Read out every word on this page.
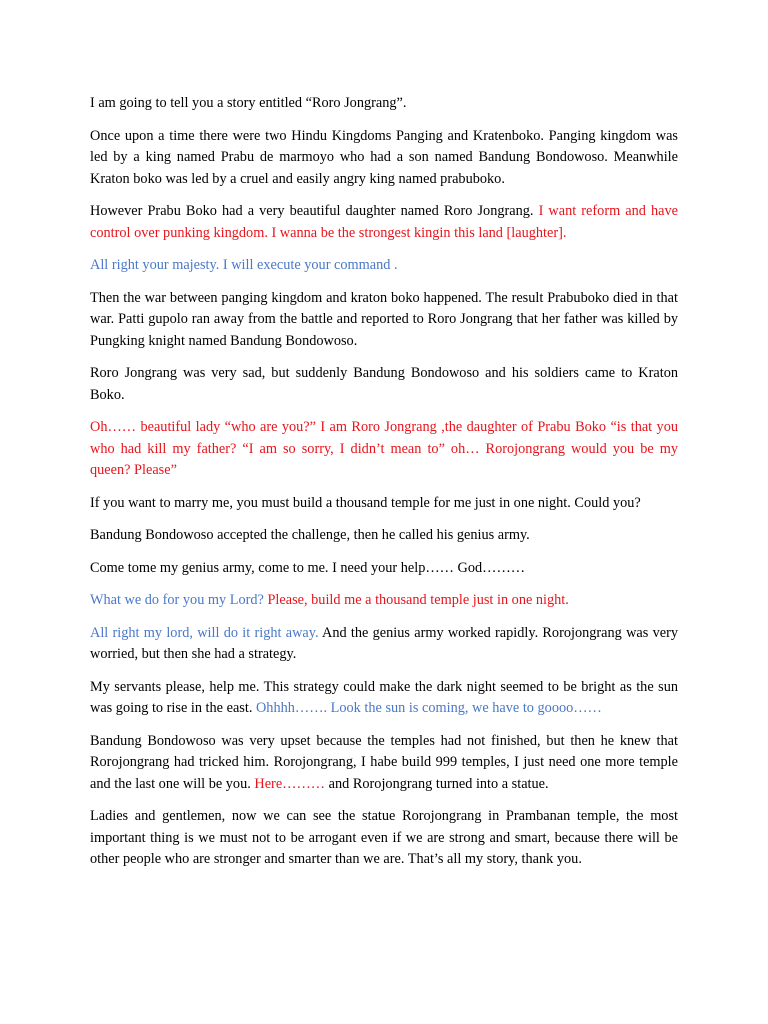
I am going to tell you a story entitled “Roro Jongrang”.

Once upon a time there were two Hindu Kingdoms Panging and Kratenboko. Panging kingdom was led by a king named Prabu de marmoyo who had a son named Bandung Bondowoso. Meanwhile Kraton boko was led by a cruel and easily angry king named prabuboko.

However Prabu Boko had a very beautiful daughter named Roro Jongrang. I want reform and have control over punking kingdom. I wanna be the strongest kingin this land [laughter].

All right your majesty. I will execute your command .

Then the war between panging kingdom and kraton boko happened. The result Prabuboko died in that war. Patti gupolo ran away from the battle and reported to Roro Jongrang that her father was killed by Pungking knight named Bandung Bondowoso.

Roro Jongrang was very sad, but suddenly Bandung Bondowoso and his soldiers came to Kraton Boko.

Oh…… beautiful lady “who are you?” I am Roro Jongrang ,the daughter of Prabu Boko “is that you who had kill my father? “I am so sorry, I didn’t mean to” oh… Rorojongrang would you be my queen? Please”

If you want to marry me, you must build a thousand temple for me just in one night. Could you?

Bandung Bondowoso accepted the challenge, then he called his genius army.

Come tome my genius army, come to me. I need your help…… God………

What we do for you my Lord? Please, build me a thousand temple just in one night.

All right my lord, will do it right away. And the genius army worked rapidly. Rorojongrang was very worried, but then she had a strategy.

My servants please, help me. This strategy could make the dark night seemed to be bright as the sun was going to rise in the east. Ohhhh……. Look the sun is coming, we have to goooo……

Bandung Bondowoso was very upset because the temples had not finished, but then he knew that Rorojongrang had tricked him. Rorojongrang, I habe build 999 temples, I just need one more temple and the last one will be you. Here……… and Rorojongrang turned into a statue.

Ladies and gentlemen, now we can see the statue Rorojongrang in Prambanan temple, the most important thing is we must not to be arrogant even if we are strong and smart, because there will be other people who are stronger and smarter than we are. That’s all my story, thank you.
